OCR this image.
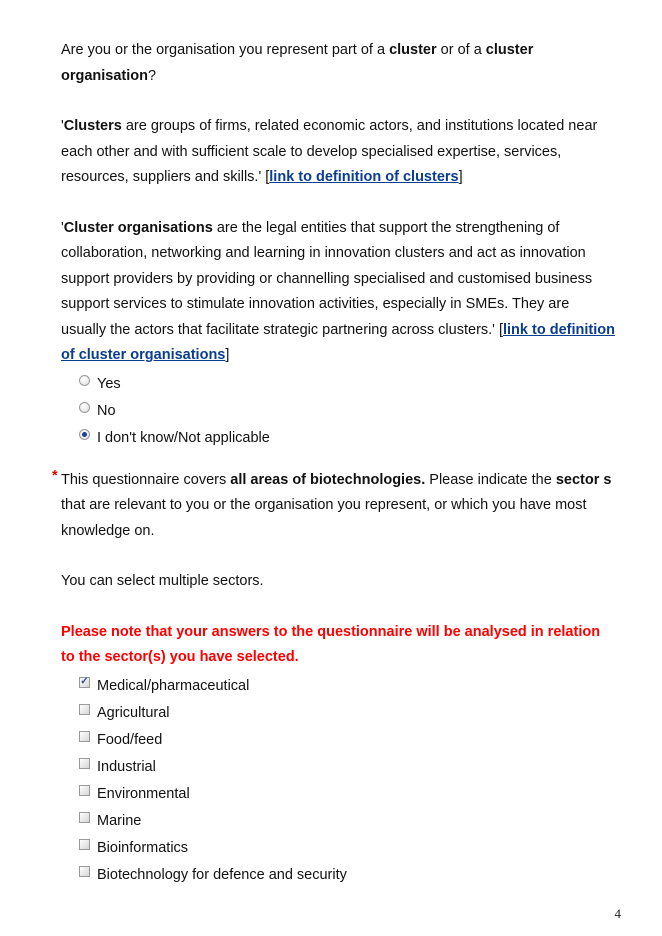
Are you or the organisation you represent part of a cluster or of a cluster organisation?

'Clusters are groups of firms, related economic actors, and institutions located near each other and with sufficient scale to develop specialised expertise, services, resources, suppliers and skills.' [link to definition of clusters]

'Cluster organisations are the legal entities that support the strengthening of collaboration, networking and learning in innovation clusters and act as innovation support providers by providing or channelling specialised and customised business support services to stimulate innovation activities, especially in SMEs. They are usually the actors that facilitate strategic partnering across clusters.' [link to definition of cluster organisations]

Yes
No
I don't know/Not applicable
* This questionnaire covers all areas of biotechnologies. Please indicate the sector s that are relevant to you or the organisation you represent, or which you have most knowledge on.

You can select multiple sectors.

Please note that your answers to the questionnaire will be analysed in relation to the sector(s) you have selected.

✓ Medical/pharmaceutical
Agricultural
Food/feed
Industrial
Environmental
Marine
Bioinformatics
Biotechnology for defence and security
4
